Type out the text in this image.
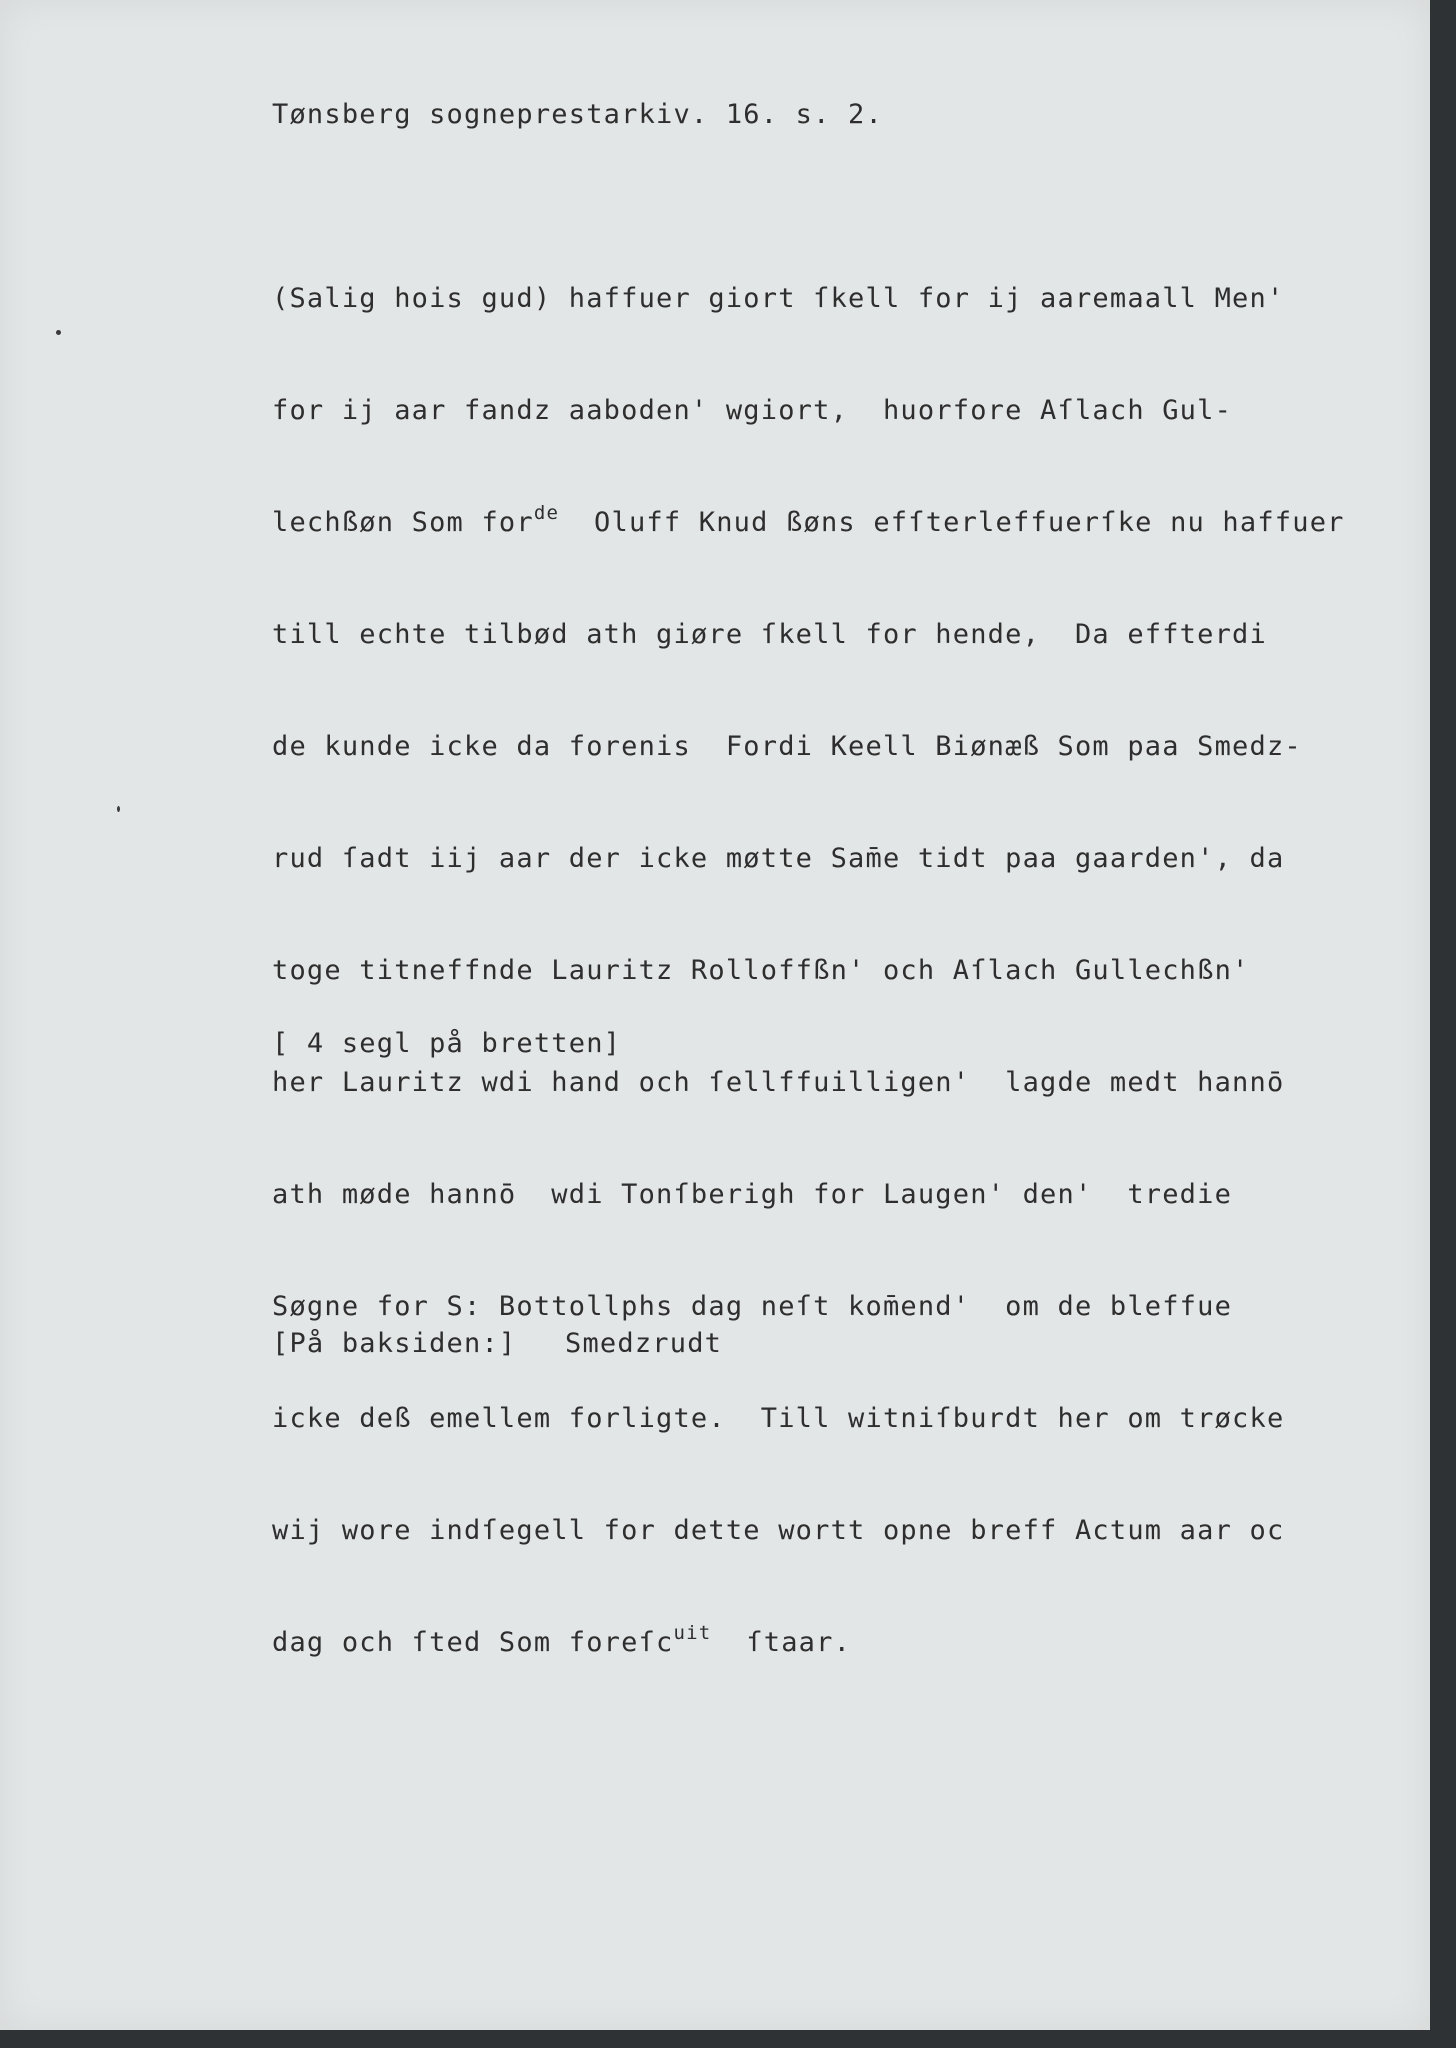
Tønsberg sogneprestarkiv. 16. s. 2.

(Salig hois gud) haffuer giort ſkell for ij aaremaall Men'

for ij aar fandz aaboden' wgiort,  huorfore Aſlach Gul-

lechßøn Som for$^{de}$  Oluff Knud ßøns efſterleffuerſke nu haffuer

till echte tilbød ath giøre ſkell for hende,  Da effterdi

de kunde icke da forenis  Fordi Keell Biønæß Som paa Smedz-

rud ſadt iij aar der icke møtte Sam̄e tidt paa gaarden', da

toge titneffnde Lauritz Rolloffßn' och Aſlach Gullechßn'

her Lauritz wdi hand och ſellffuilligen'  lagde medt hannō

ath møde hannō  wdi Tonſberigh for Laugen' den'  tredie

Søgne for S: Bottollphs dag neſt kom̄end'  om de bleffue

icke deß emellem forligte.  Till witniſburdt her om trøcke

wij wore indſegell for dette wortt opne breff Actum aar oc

dag och ſted Som foreſc$^{uit}$  ſtaar.

[ 4 segl på bretten]
[På baksiden:] Smedzrudt
